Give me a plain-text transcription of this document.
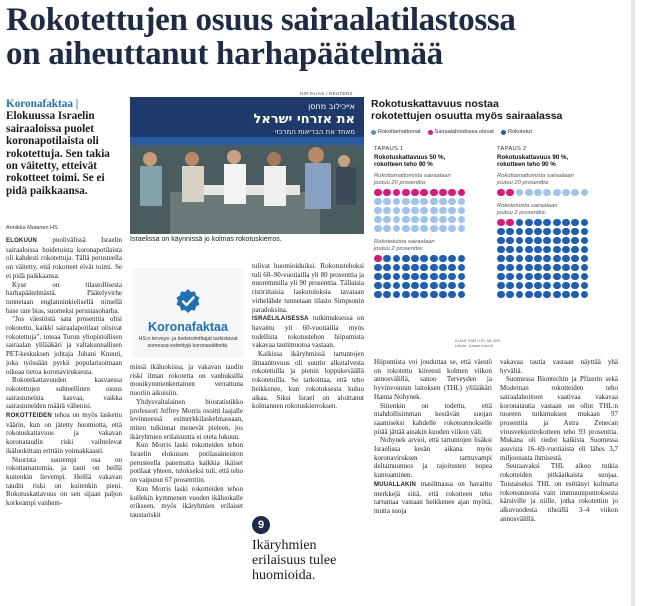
Rokotettujen osuus sairaalatilastossa
on aiheuttanut harhapäätelmää
Koronafaktaa | Elokuussa Israelin sairaaloissa puolet koronapotilaista oli rokotettuja. Sen takia on väitetty, etteivät rokotteet toimi. Se ei pidä paikkaansa.
Annikka Mutanen HS
NIR ELIAS / REUTERS
אייכילוב מחסן
את אזרחי ישראל
מאחד את הבריאות המרכזי
Israelissa on käynnissä jo kolmas rokotuskierros.
Koronafaktaa
HS:n terveys- ja tiedetoimittajat tarkistavat somessa esitettyjä koronaväitteitä.
Rokotuskattavuus nostaa
rokotettujen osuutta myös sairaalassa
Rokottamattomat	Sairaalahoidossa olevat	Rokotetut
TAPAUS 1
Rokotuskattavuus 50 %,
rokotteen teho 90 %
Rokottamattomista sairaalaan
joutuu 20 prosenttia:
Rokotetuista sairaalaan
joutuu 2 prosenttia:
TAPAUS 2
Rokotuskattavuus 90 %,
rokotteen teho 90 %
Rokottamattomista sairaalaan
joutuu 20 prosenttia:
Rokotetuista sairaalaan
joutuu 2 prosenttia:
ELIAS CAN / HS, MLJHS
Lähde: Juhani Knuuti

ELOKUUN puolivälissä Israelin sairaaloissa hoidetuista koronapotilaista oli kahdesti rokotettuja. Tällä perusteella on väitetty, että rokotteet eivät toimi. Se ei pidä paikkaansa.

Kyse on tilastollisesta harhapäätelmästä. Päätelyvirhe tunnetaan englanninkielisellä nimellä base rate bias, suomeksi perustasoharha.

”Jos väestöstä sata prosenttia olisi rokotettu, kaikki sairaalapotilaat olisivat rokotettuja”, toteaa Turun yliopistollisen sairaalan ylilääkäri ja valtakunnallisen PET-keskuksen johtaja Juhani Knuuti, joka työssään pyrkii popularisoimaan oikeaa tietoa koronaviruksesta.

Rokotekattavuuden kasvaessa rokotettujen suhteellinen osuus sairastuneista kasvaa, vaikka sairastuneiden määrä vähenisi.

ROKOTTEIDEN tehoa on myös laskettu väärin, kun on jätetty huomiotta, että rokotuskattavuus ja vakavan koronataudin riski vaihtelevat ikäluokittain erittäin voimakkaasti.

Nuorista suurempi osa on rokottamattomia, ja tauti on heillä kuitenkin lievempi. Heillä vakavan taudin riski on kuitenkin pieni. Rokotuskattavuus on sen sijaan paljon korkeampi vanhem-

missä ikäluokissa, ja vakavan taudin riski ilman rokotetta on vanhuksilla monikymmenkertainen verrattuna nuoriin aikuisiin.

Yhdysvaltalainen biostatistikko professori Jeffrey Morris osoitti laajalle levinneessä esimerkkilaskelmassaan, miten tulkinnat menevät pieleen, jos ikäryhmien erilaisuutta ei oteta lukuun.

Kun Morris laski rokotteiden tehon Israelin elokuisen potilasaineiston perusteella panematta kaikkia ikäiset potilaat yhteen, tulokseksi tuli, että teho on vaipunut 67 prosenttiin.

Kun Morris laski rokotteiden tehon kullekin kymmenen vuoden ikäluokalle erikseen, myös ikäryhmien erilaiset taustariskit

tulivat huomioiduiksi. Rokotustehoksi tuli 60–90-vuotiailla yli 80 prosenttia ja nuoremmilla yli 90 prosenttia. Tällaisia ristiriitaisia laskutuloksia tavataan virhelähde tunnetaan tilasto Simpsonin paradoksina.

ISRAELILAISESSA tutkimuksessa on havaittu yli 60-vuotiailla myös todellista rokotustehon hiipumista vakavaa tautimuotoa vastaan.

Kaikissa ikäryhmissä tartuntojen ilmaantuvuus oli suurin alkutalvesta rokotetuilla ja pienin loppukeväällä rokotetuilla. Se tarkoittaa, että teho heikkenee, kun rokotuksesta kuluu aikaa. Siksi Israel on aloittanut kolmannen rokotuskierroksen.

Hiipumista voi jouduttaa se, että väestö on rokotettu kiireesti kolmen viikon annosvälillä, sanoo Terveyden ja hyvinvoinnin laitoksen (THL) ylilääkäri Hanna Nohynek.

Siitenkin on todettu, että mahdollisimman kestävän suojan saamiseksi kahdelle rokoteannokselle pitää jättää ainakin kuuden viikon väli.

Nohynek arvioi, että tartuntojen lisäksi Israelissa kesän aikana myös koronaviruksen tarttuvampi deltamuunnos ja rajoitusten nopea kuntoaminen.

MUUALLAKIN masilmassa on havaittu merkkejä siitä, että rokotteen teho tartuntaa vastaan heikkenee ajan myötä, mutta suoja

vakavaa tautia vastaan näyttää yhä hyvältä.

Suomessa Biontechin ja Pfizerin sekä Modernan rokotteiden teho sairaalahoitoon vaativaa vakavaa koronatautia vastaan on ollut THL:n tuoreen tutkimuksen mukaan 97 prosenttia ja Astra Zenecan virusvektorirokotteen teho 93 prosenttia. Mukana oli tiedot kaikista Suomessa asuvista 16–69-vuotiaista eli lähes 3,7 miljoonasta ihmisestä.

Seuraavaksi THL aikoo tutkia rokotteiden pitkäaikaista suojaa. Toistaiseksi THL on esittänyt kolmatta rokoteannosta vain immuunipuutoksesta kärsiville ja niille, jotka rokotettiin jo alkuvuodesta tiheällä 3–4 viikon annosvälillä.

9
Ikäryhmien erilaisuus tulee huomioida.
